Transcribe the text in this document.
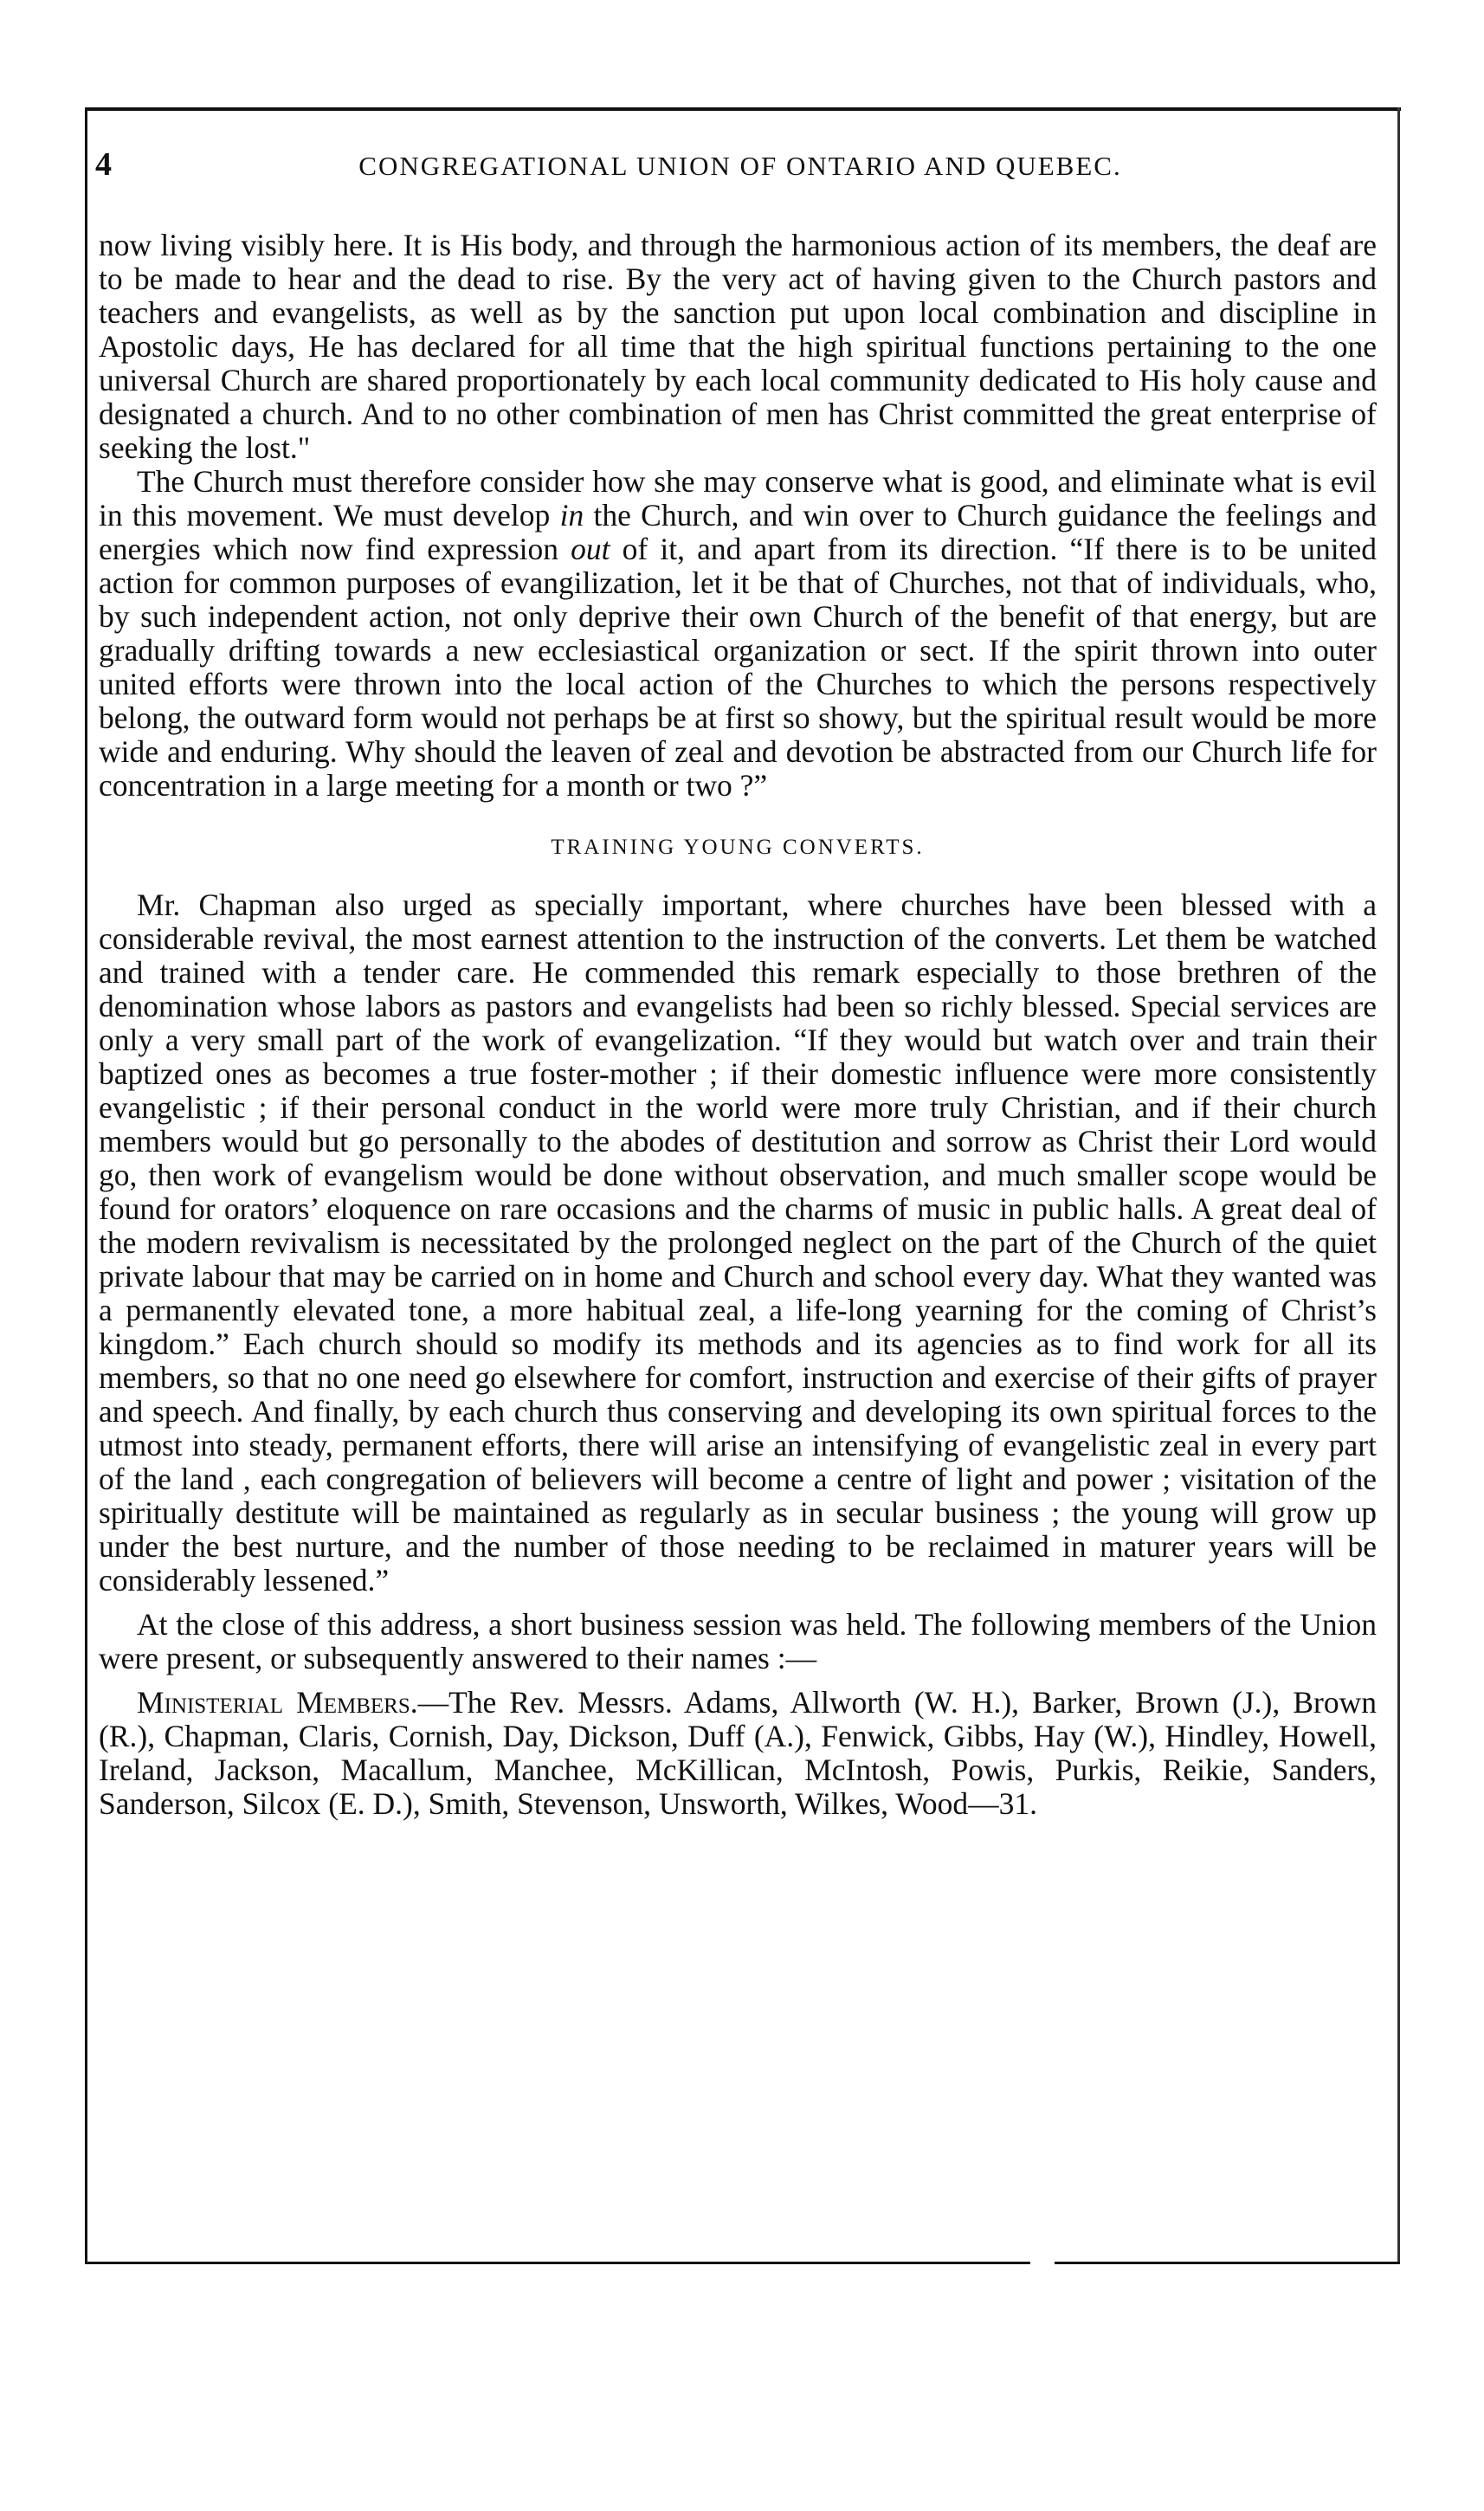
4	CONGREGATIONAL UNION OF ONTARIO AND QUEBEC.

now living visibly here. It is His body, and through the harmonious action of its members, the deaf are to be made to hear and the dead to rise. By the very act of having given to the Church pastors and teachers and evangelists, as well as by the sanction put upon local combination and discipline in Apostolic days, He has declared for all time that the high spiritual functions pertaining to the one universal Church are shared proportionately by each local community dedicated to His holy cause and designated a church. And to no other combination of men has Christ committed the great enterprise of seeking the lost."

The Church must therefore consider how she may conserve what is good, and eliminate what is evil in this movement. We must develop in the Church, and win over to Church guidance the feelings and energies which now find expression out of it, and apart from its direction. “If there is to be united action for common purposes of evangilization, let it be that of Churches, not that of individuals, who, by such independent action, not only deprive their own Church of the benefit of that energy, but are gradually drifting towards a new ecclesiastical organization or sect. If the spirit thrown into outer united efforts were thrown into the local action of the Churches to which the persons respectively belong, the outward form would not perhaps be at first so showy, but the spiritual result would be more wide and enduring. Why should the leaven of zeal and devotion be abstracted from our Church life for concentration in a large meeting for a month or two ?”

TRAINING YOUNG CONVERTS.

Mr. Chapman also urged as specially important, where churches have been blessed with a considerable revival, the most earnest attention to the instruction of the converts. Let them be watched and trained with a tender care. He commended this remark especially to those brethren of the denomination whose labors as pastors and evangelists had been so richly blessed. Special services are only a very small part of the work of evangelization. “If they would but watch over and train their baptized ones as becomes a true foster-mother ; if their domestic influence were more consistently evangelistic ; if their personal conduct in the world were more truly Christian, and if their church members would but go personally to the abodes of destitution and sorrow as Christ their Lord would go, then work of evangelism would be done without observation, and much smaller scope would be found for orators’ eloquence on rare occasions and the charms of music in public halls. A great deal of the modern revivalism is necessitated by the prolonged neglect on the part of the Church of the quiet private labour that may be carried on in home and Church and school every day. What they wanted was a permanently elevated tone, a more habitual zeal, a life-long yearning for the coming of Christ’s kingdom.” Each church should so modify its methods and its agencies as to find work for all its members, so that no one need go elsewhere for comfort, instruction and exercise of their gifts of prayer and speech. And finally, by each church thus conserving and developing its own spiritual forces to the utmost into steady, permanent efforts, there will arise an intensifying of evangelistic zeal in every part of the land , each congregation of believers will become a centre of light and power ; visitation of the spiritually destitute will be maintained as regularly as in secular business ; the young will grow up under the best nurture, and the number of those needing to be reclaimed in maturer years will be considerably lessened.”

At the close of this address, a short business session was held. The following members of the Union were present, or subsequently answered to their names :—

Ministerial Members.—The Rev. Messrs. Adams, Allworth (W. H.), Barker, Brown (J.), Brown (R.), Chapman, Claris, Cornish, Day, Dickson, Duff (A.), Fenwick, Gibbs, Hay (W.), Hindley, Howell, Ireland, Jackson, Macallum, Manchee, McKillican, McIntosh, Powis, Purkis, Reikie, Sanders, Sanderson, Silcox (E. D.), Smith, Stevenson, Unsworth, Wilkes, Wood—31.
